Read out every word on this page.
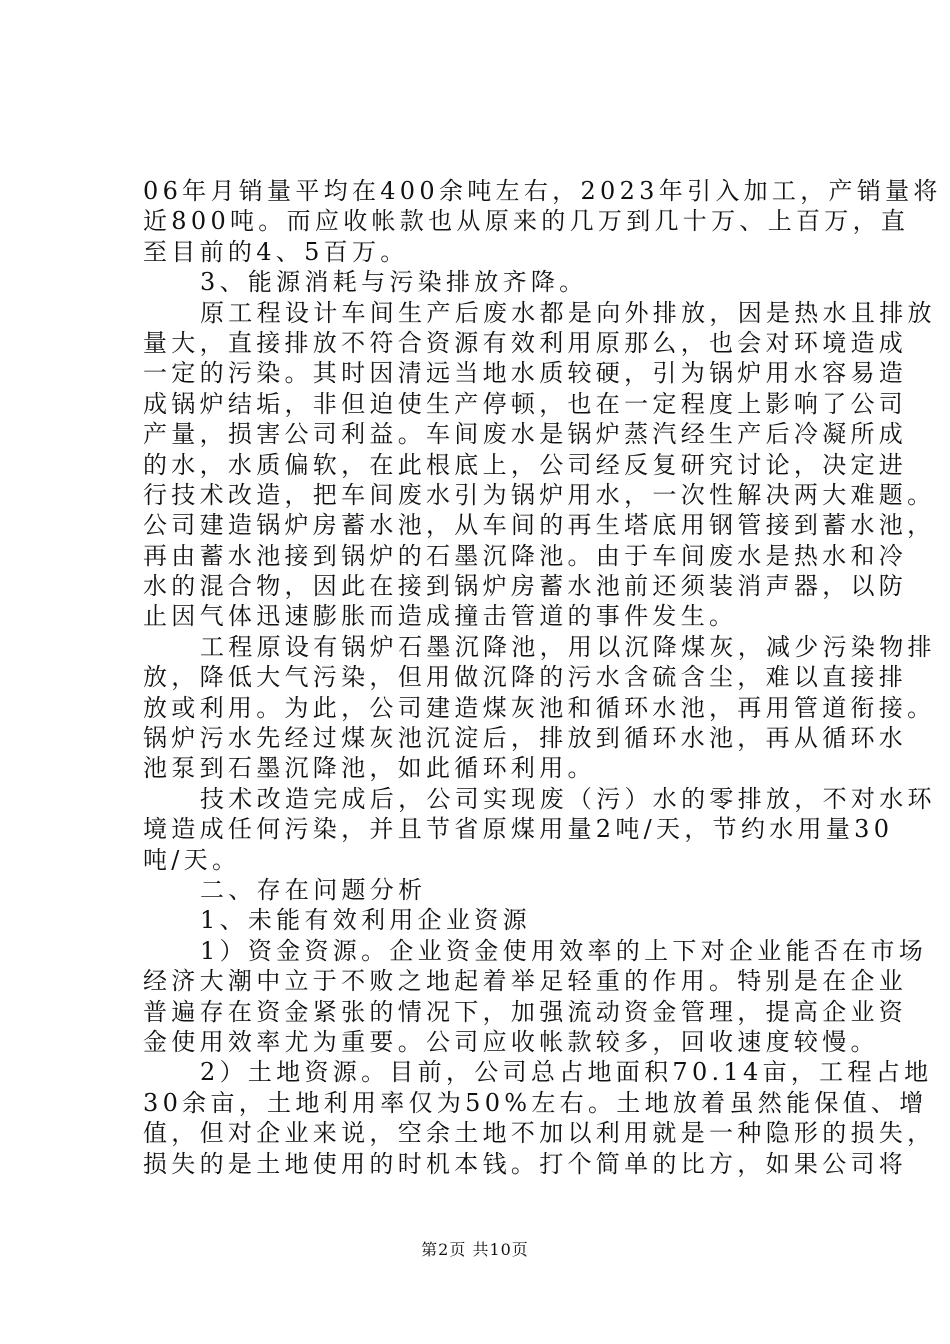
06年月销量平均在400余吨左右，2023年引入加工，产销量将
近800吨。而应收帐款也从原来的几万到几十万、上百万，直
至目前的4、5百万。
3、能源消耗与污染排放齐降。
原工程设计车间生产后废水都是向外排放，因是热水且排放
量大，直接排放不符合资源有效利用原那么，也会对环境造成
一定的污染。其时因清远当地水质较硬，引为锅炉用水容易造
成锅炉结垢，非但迫使生产停顿，也在一定程度上影响了公司
产量，损害公司利益。车间废水是锅炉蒸汽经生产后冷凝所成
的水，水质偏软，在此根底上，公司经反复研究讨论，决定进
行技术改造，把车间废水引为锅炉用水，一次性解决两大难题。
公司建造锅炉房蓄水池，从车间的再生塔底用钢管接到蓄水池，
再由蓄水池接到锅炉的石墨沉降池。由于车间废水是热水和冷
水的混合物，因此在接到锅炉房蓄水池前还须装消声器，以防
止因气体迅速膨胀而造成撞击管道的事件发生。
工程原设有锅炉石墨沉降池，用以沉降煤灰，减少污染物排
放，降低大气污染，但用做沉降的污水含硫含尘，难以直接排
放或利用。为此，公司建造煤灰池和循环水池，再用管道衔接。
锅炉污水先经过煤灰池沉淀后，排放到循环水池，再从循环水
池泵到石墨沉降池，如此循环利用。
技术改造完成后，公司实现废（污）水的零排放，不对水环
境造成任何污染，并且节省原煤用量2吨/天，节约水用量30
吨/天。
二、存在问题分析
1、未能有效利用企业资源
1）资金资源。企业资金使用效率的上下对企业能否在市场
经济大潮中立于不败之地起着举足轻重的作用。特别是在企业
普遍存在资金紧张的情况下，加强流动资金管理，提高企业资
金使用效率尤为重要。公司应收帐款较多，回收速度较慢。
2）土地资源。目前，公司总占地面积70.14亩，工程占地
30余亩，土地利用率仅为50%左右。土地放着虽然能保值、增
值，但对企业来说，空余土地不加以利用就是一种隐形的损失，
损失的是土地使用的时机本钱。打个简单的比方，如果公司将
第2页 共10页
